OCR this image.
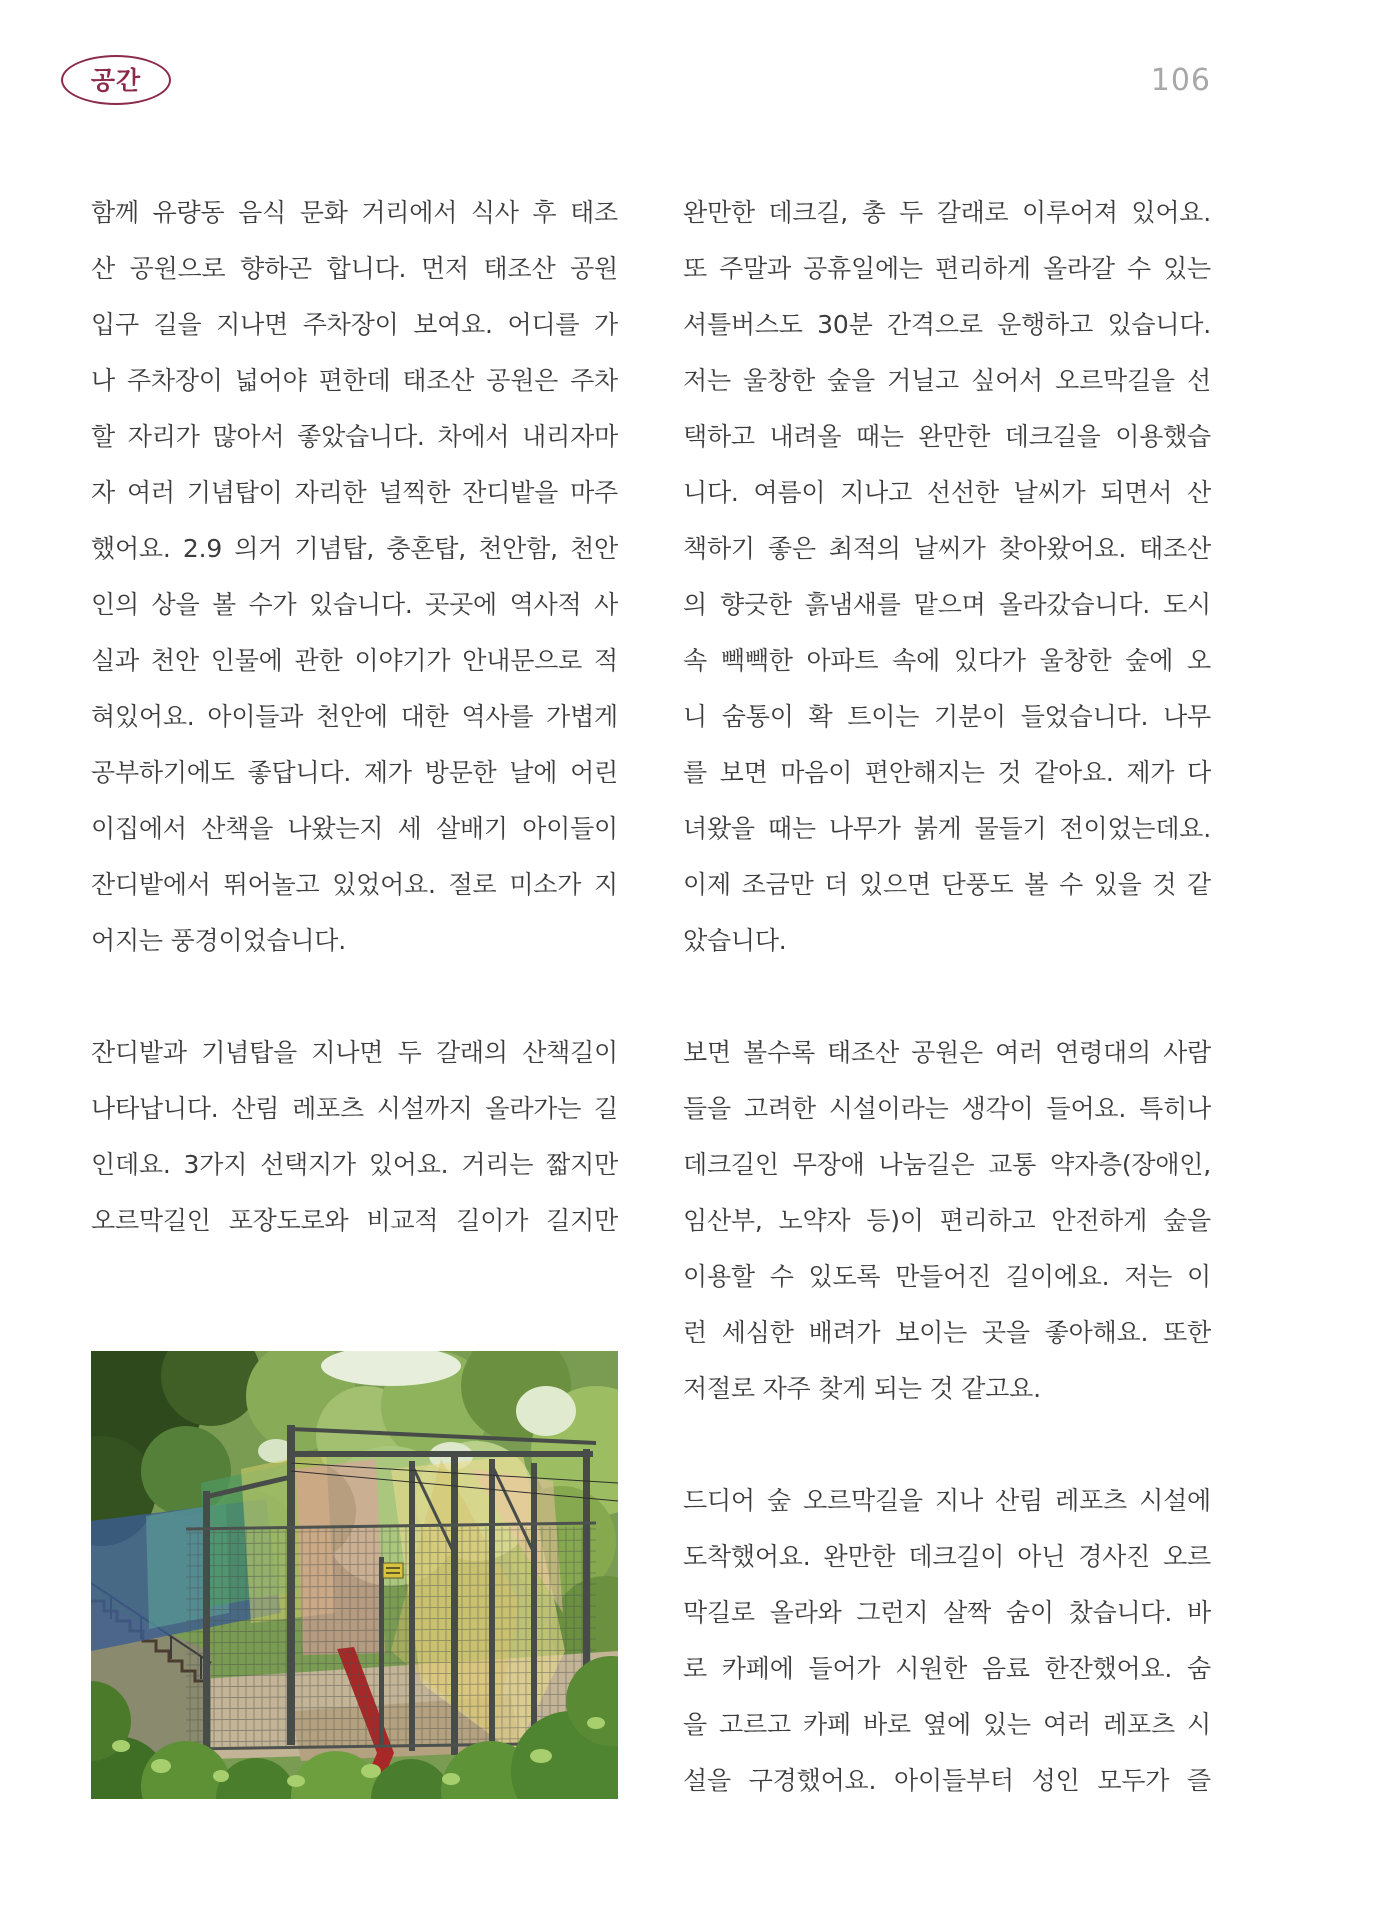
공간	106
함께 유량동 음식 문화 거리에서 식사 후 태조
산 공원으로 향하곤 합니다. 먼저 태조산 공원
입구 길을 지나면 주차장이 보여요. 어디를 가
나 주차장이 넓어야 편한데 태조산 공원은 주차
할 자리가 많아서 좋았습니다. 차에서 내리자마
자 여러 기념탑이 자리한 널찍한 잔디밭을 마주
했어요. 2.9 의거 기념탑, 충혼탑, 천안함, 천안
인의 상을 볼 수가 있습니다. 곳곳에 역사적 사
실과 천안 인물에 관한 이야기가 안내문으로 적
혀있어요. 아이들과 천안에 대한 역사를 가볍게
공부하기에도 좋답니다. 제가 방문한 날에 어린
이집에서 산책을 나왔는지 세 살배기 아이들이
잔디밭에서 뛰어놀고 있었어요. 절로 미소가 지
어지는 풍경이었습니다.
잔디밭과 기념탑을 지나면 두 갈래의 산책길이
나타납니다. 산림 레포츠 시설까지 올라가는 길
인데요. 3가지 선택지가 있어요. 거리는 짧지만
오르막길인 포장도로와 비교적 길이가 길지만
완만한 데크길, 총 두 갈래로 이루어져 있어요.
또 주말과 공휴일에는 편리하게 올라갈 수 있는
셔틀버스도 30분 간격으로 운행하고 있습니다.
저는 울창한 숲을 거닐고 싶어서 오르막길을 선
택하고 내려올 때는 완만한 데크길을 이용했습
니다. 여름이 지나고 선선한 날씨가 되면서 산
책하기 좋은 최적의 날씨가 찾아왔어요. 태조산
의 향긋한 흙냄새를 맡으며 올라갔습니다. 도시
속 빽빽한 아파트 속에 있다가 울창한 숲에 오
니 숨통이 확 트이는 기분이 들었습니다. 나무
를 보면 마음이 편안해지는 것 같아요. 제가 다
녀왔을 때는 나무가 붉게 물들기 전이었는데요.
이제 조금만 더 있으면 단풍도 볼 수 있을 것 같
았습니다.
보면 볼수록 태조산 공원은 여러 연령대의 사람
들을 고려한 시설이라는 생각이 들어요. 특히나
데크길인 무장애 나눔길은 교통 약자층(장애인,
임산부, 노약자 등)이 편리하고 안전하게 숲을
이용할 수 있도록 만들어진 길이에요. 저는 이
런 세심한 배려가 보이는 곳을 좋아해요. 또한
저절로 자주 찾게 되는 것 같고요.
드디어 숲 오르막길을 지나 산림 레포츠 시설에
도착했어요. 완만한 데크길이 아닌 경사진 오르
막길로 올라와 그런지 살짝 숨이 찼습니다. 바
로 카페에 들어가 시원한 음료 한잔했어요. 숨
을 고르고 카페 바로 옆에 있는 여러 레포츠 시
설을 구경했어요. 아이들부터 성인 모두가 즐
